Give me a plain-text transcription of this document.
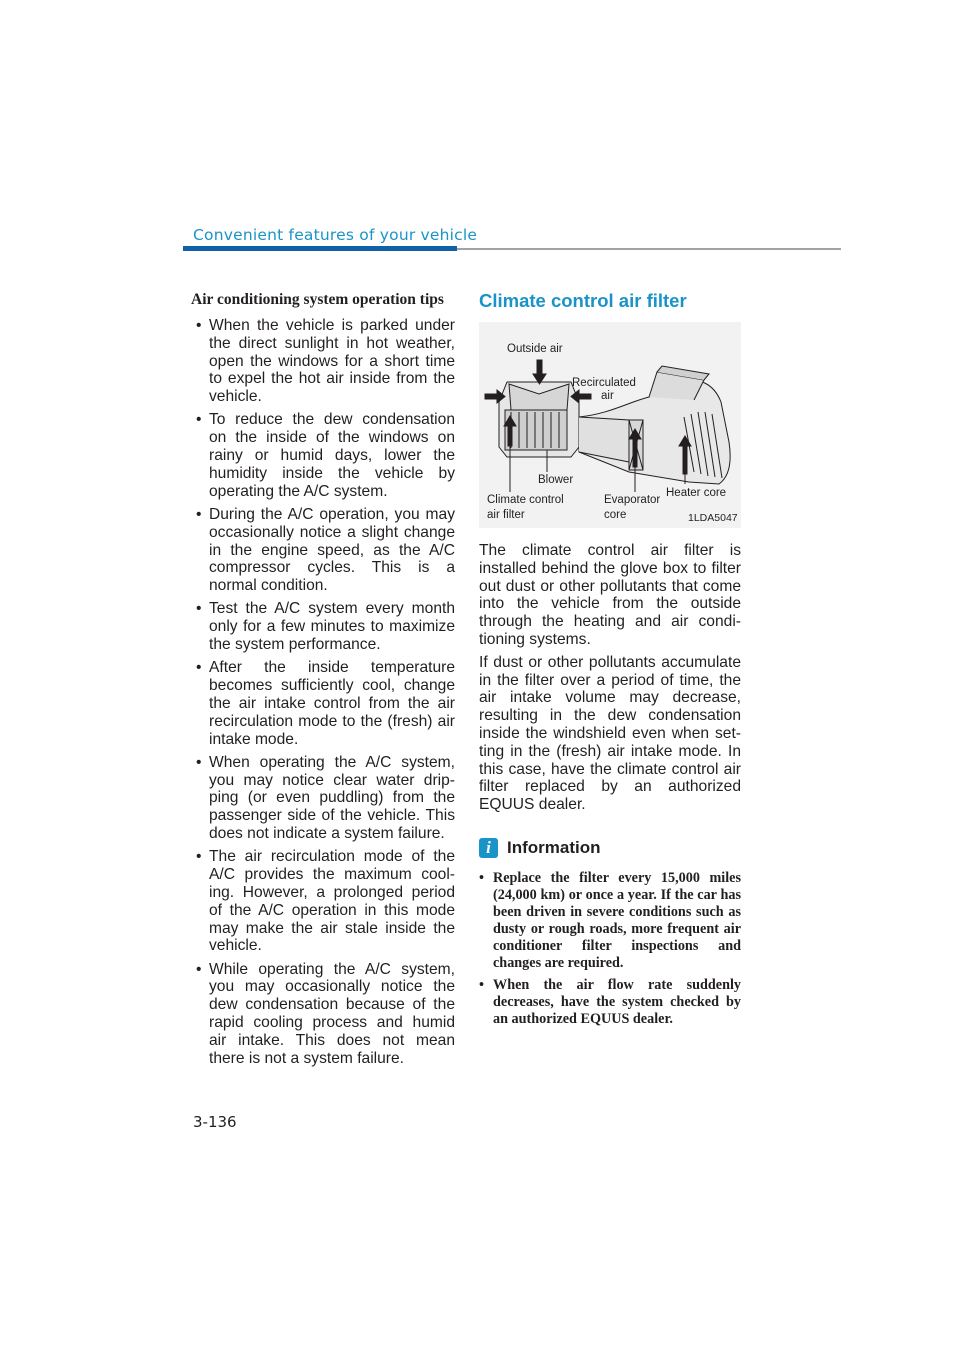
Convenient features of your vehicle
Air conditioning system operation tips
• When the vehicle is parked under the direct sunlight in hot weather, open the windows for a short time to expel the hot air inside from the vehicle.
• To reduce the dew condensation on the inside of the windows on rainy or humid days, lower the humidity inside the vehicle by operating the A/C system.
• During the A/C operation, you may occasionally notice a slight change in the engine speed, as the A/C compressor cycles. This is a normal condition.
• Test the A/C system every month only for a few minutes to maximize the system performance.
• After the inside temperature becomes sufficiently cool, change the air intake control from the air recirculation mode to the (fresh) air intake mode.
• When operating the A/C system, you may notice clear water drip-ping (or even puddling) from the passenger side of the vehicle. This does not indicate a system failure.
• The air recirculation mode of the A/C provides the maximum cool-ing. However, a prolonged period of the A/C operation in this mode may make the air stale inside the vehicle.
• While operating the A/C system, you may occasionally notice the dew condensation because of the rapid cooling process and humid air intake. This does not mean there is not a system failure.
Climate control air filter
Outside air
Recirculated
air
Blower
Climate control
air filter
Evaporator
core
Heater core
1LDA5047

The climate control air filter is installed behind the glove box to filter out dust or other pollutants that come into the vehicle from the outside through the heating and air condi-tioning systems.

If dust or other pollutants accumulate in the filter over a period of time, the air intake volume may decrease, resulting in the dew condensation inside the windshield even when set-ting in the (fresh) air intake mode. In this case, have the climate control air filter replaced by an authorized EQUUS dealer.

i Information
• Replace the filter every 15,000 miles (24,000 km) or once a year. If the car has been driven in severe conditions such as dusty or rough roads, more frequent air conditioner filter inspections and changes are required.
• When the air flow rate suddenly decreases, have the system checked by an authorized EQUUS dealer.
3-136
